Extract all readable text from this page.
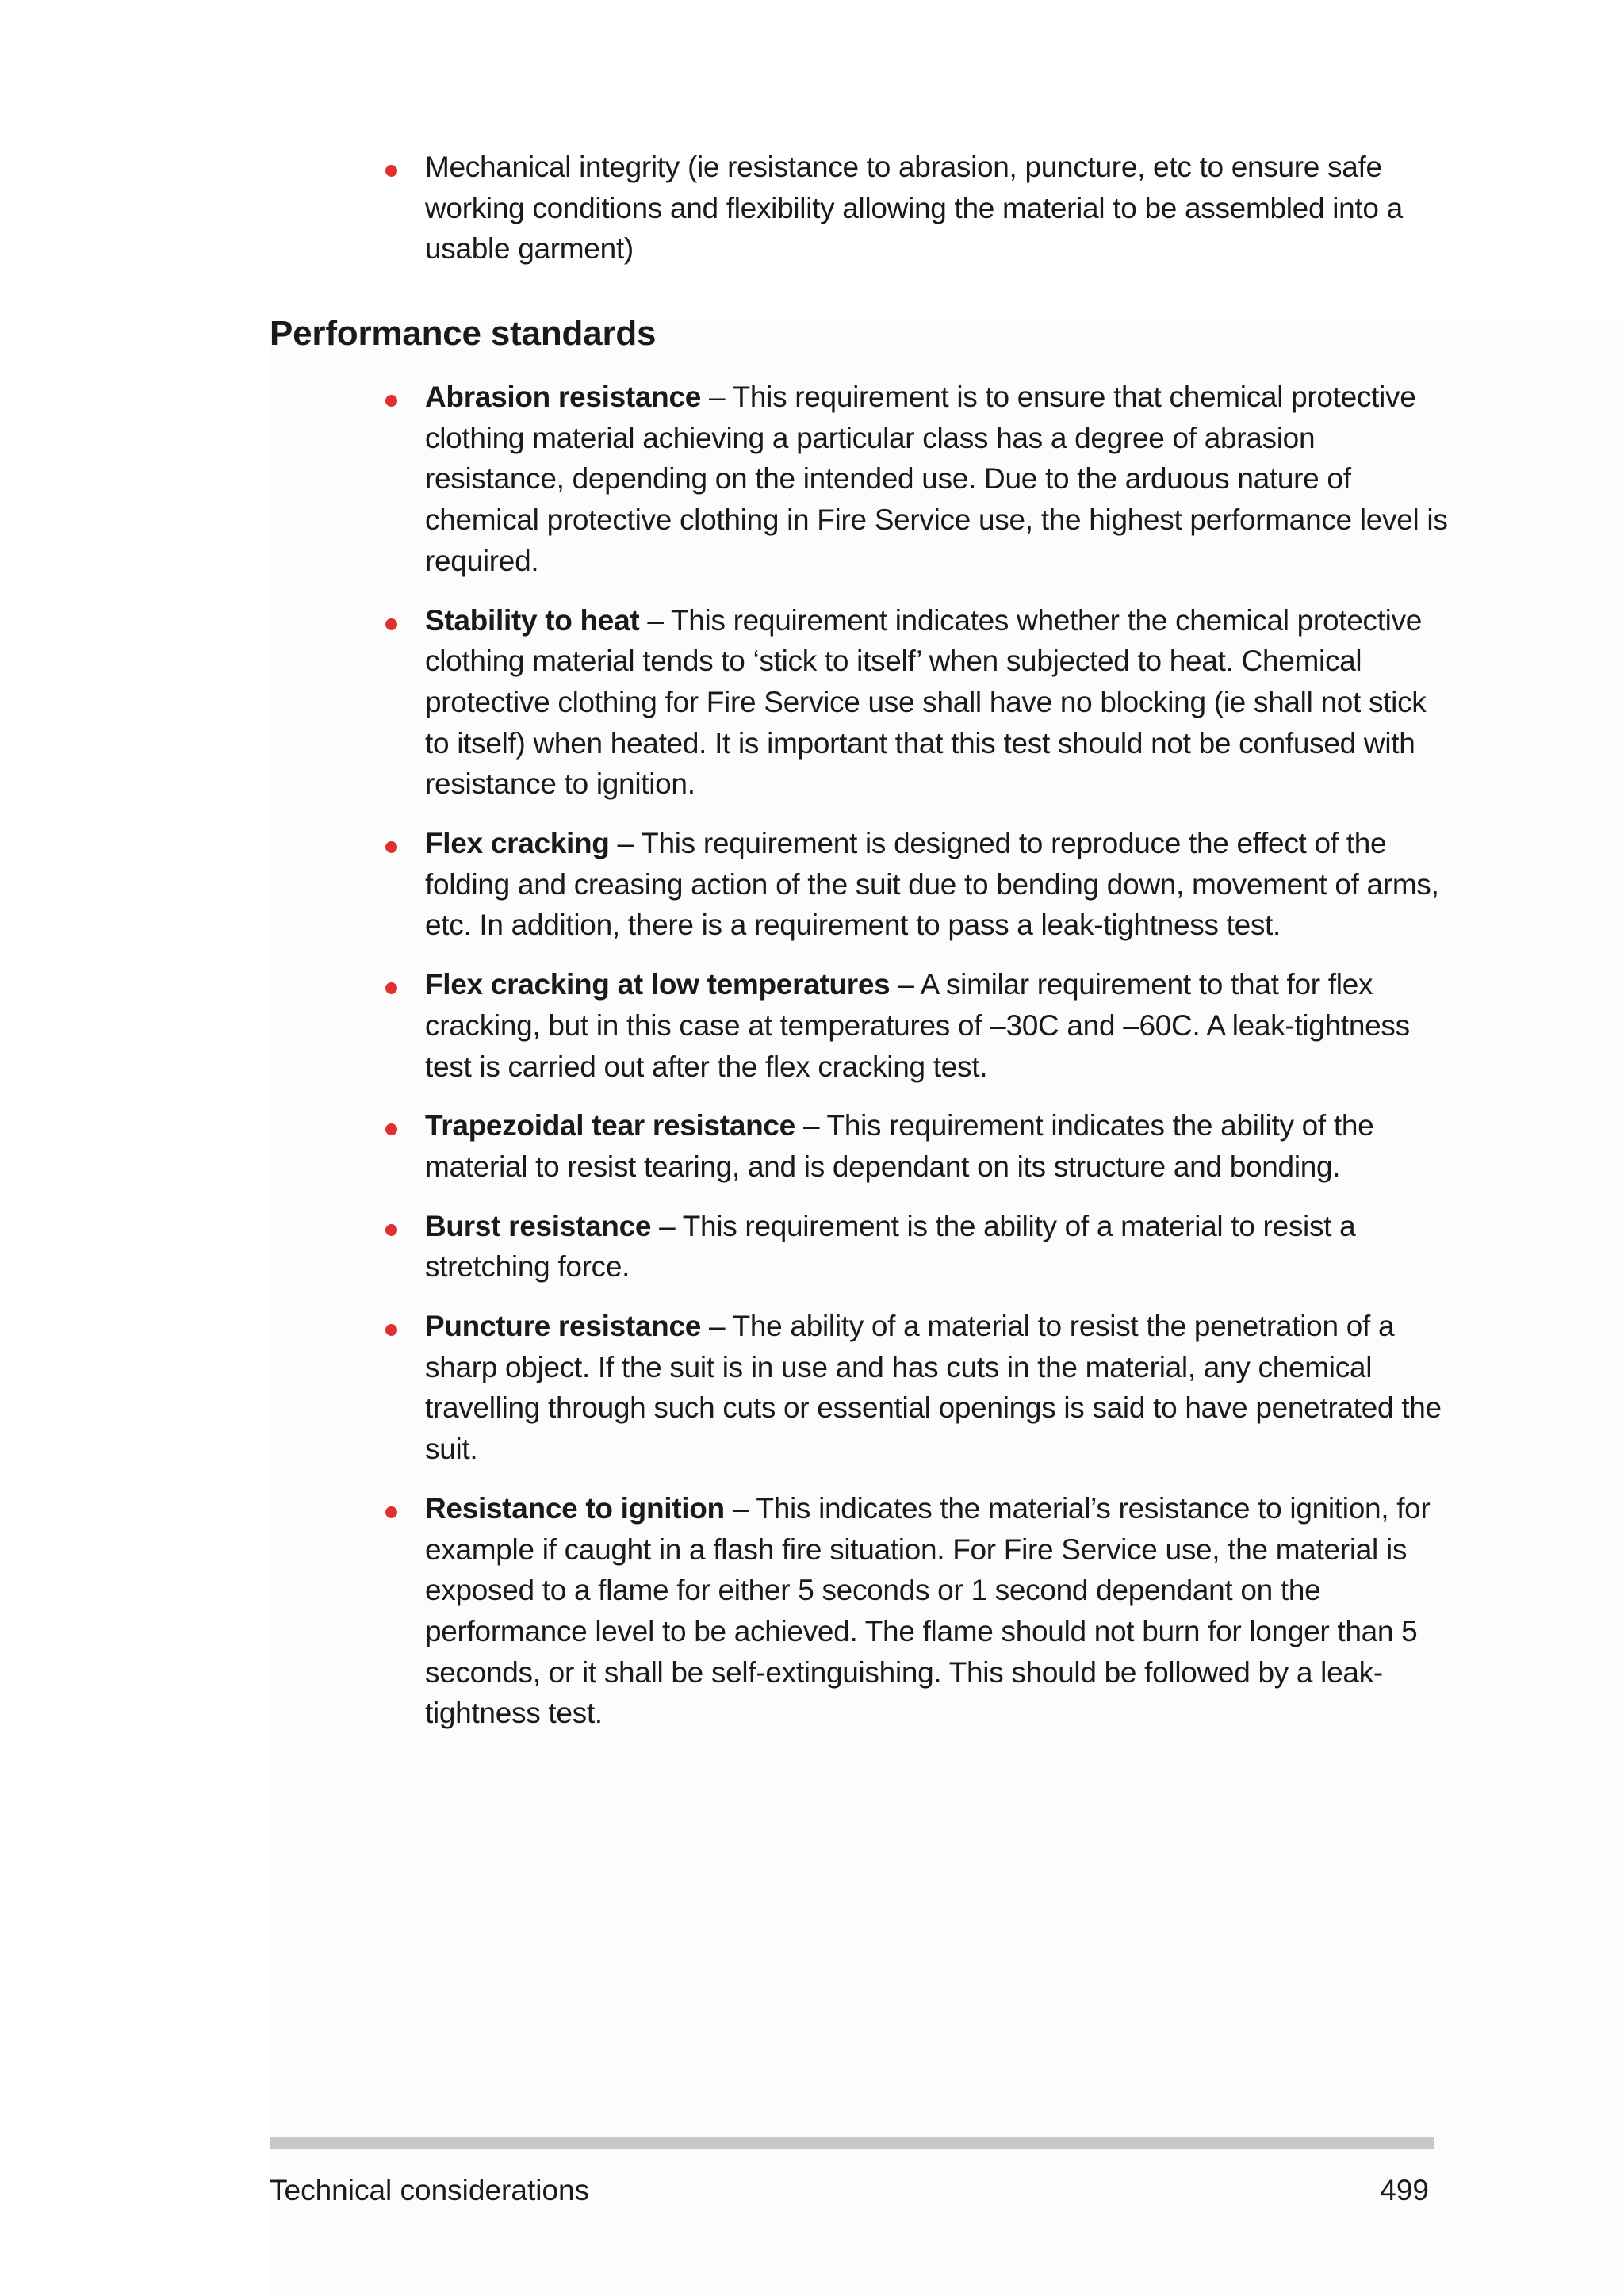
Mechanical integrity (ie resistance to abrasion, puncture, etc to ensure safe working conditions and flexibility allowing the material to be assembled into a usable garment)
Performance standards
Abrasion resistance – This requirement is to ensure that chemical protective clothing material achieving a particular class has a degree of abrasion resistance, depending on the intended use. Due to the arduous nature of chemical protective clothing in Fire Service use, the highest performance level is required.
Stability to heat – This requirement indicates whether the chemical protective clothing material tends to ‘stick to itself’ when subjected to heat. Chemical protective clothing for Fire Service use shall have no blocking (ie shall not stick to itself) when heated. It is important that this test should not be confused with resistance to ignition.
Flex cracking – This requirement is designed to reproduce the effect of the folding and creasing action of the suit due to bending down, movement of arms, etc. In addition, there is a requirement to pass a leak-tightness test.
Flex cracking at low temperatures – A similar requirement to that for flex cracking, but in this case at temperatures of –30C and –60C. A leak-tightness test is carried out after the flex cracking test.
Trapezoidal tear resistance – This requirement indicates the ability of the material to resist tearing, and is dependant on its structure and bonding.
Burst resistance – This requirement is the ability of a material to resist a stretching force.
Puncture resistance – The ability of a material to resist the penetration of a sharp object. If the suit is in use and has cuts in the material, any chemical travelling through such cuts or essential openings is said to have penetrated the suit.
Resistance to ignition – This indicates the material’s resistance to ignition, for example if caught in a flash fire situation. For Fire Service use, the material is exposed to a flame for either 5 seconds or 1 second dependant on the performance level to be achieved. The flame should not burn for longer than 5 seconds, or it shall be self-extinguishing. This should be followed by a leak-tightness test.
Technical considerations	499
